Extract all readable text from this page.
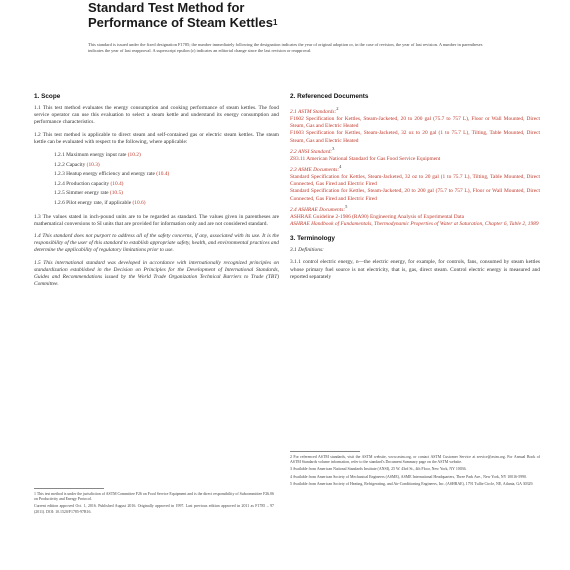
Standard Test Method for
Performance of Steam Kettles$^1$
This standard is issued under the fixed designation F1785; the number immediately following the designation indicates the year of original adoption or, in the case of revision, the year of last revision. A number in parentheses indicates the year of last reapproval. A superscript epsilon (ε) indicates an editorial change since the last revision or reapproval.
1. Scope

1.1 This test method evaluates the energy consumption and cooking performance of steam kettles. The food service operator can use this evaluation to select a steam kettle and understand its energy consumption and performance characteristics.

1.2 This test method is applicable to direct steam and self-contained gas or electric steam kettles. The steam kettle can be evaluated with respect to the following, where applicable:

1.2.1 Maximum energy input rate (10.2)
1.2.2 Capacity (10.3)
1.2.3 Heatup energy efficiency and energy rate (10.4)
1.2.4 Production capacity (10.4)
1.2.5 Simmer energy rate (10.5)
1.2.6 Pilot energy rate, if applicable (10.6)

1.3 The values stated in inch-pound units are to be regarded as standard. The values given in parentheses are mathematical conversions to SI units that are provided for information only and are not considered standard.

1.4 This standard does not purport to address all of the safety concerns, if any, associated with its use. It is the responsibility of the user of this standard to establish appropriate safety, health, and environmental practices and determine the applicability of regulatory limitations prior to use.

1.5 This international standard was developed in accordance with internationally recognized principles on standardization established in the Decision on Principles for the Development of International Standards, Guides and Recommendations issued by the World Trade Organization Technical Barriers to Trade (TBT) Committee.

2. Referenced Documents
2.1 ASTM Standards:$^2$
F1602 Specification for Kettles, Steam-Jacketed, 20 to 200 gal (75.7 to 757 L), Floor or Wall Mounted, Direct Steam, Gas and Electric Heated
F1603 Specification for Kettles, Steam-Jacketed, 32 oz to 20 gal (1 to 75.7 L), Tilting, Table Mounted, Direct Steam, Gas and Electric Heated
2.2 ANSI Standard:$^3$
Z83.11 American National Standard for Gas Food Service Equipment
2.3 ASME Documents:$^4$
Standard Specification for Kettles, Steam-Jacketed, 32 oz to 20 gal (1 to 75.7 L), Tilting, Table Mounted, Direct Connected, Gas Fired and Electric Fired
Standard Specification for Kettles, Steam-Jacketed, 20 to 200 gal (75.7 to 757 L), Floor or Wall Mounted, Direct Connected, Gas Fired and Electric Fired
2.4 ASHRAE Documents:$^5$
ASHRAE Guideline 2-1986 (RA90) Engineering Analysis of Experimental Data
ASHRAE Handbook of Fundamentals, Thermodynamic Properties of Water at Saturation, Chapter 6, Table 2, 1989
3. Terminology

3.1 Definitions:

3.1.1 control electric energy, n—the electric energy, for example, for controls, fans, consumed by steam kettles whose primary fuel source is not electricity, that is, gas, direct steam. Control electric energy is measured and reported separately

1 This test method is under the jurisdiction of ASTM Committee F26 on Food Service Equipment and is the direct responsibility of Subcommittee F26.06 on Productivity and Energy Protocol.

Current edition approved Oct. 1, 2016. Published August 2016. Originally approved in 1997. Last previous edition approved in 2011 as F1785 – 97 (2011). DOI: 10.1520/F1785-97R16.

2 For referenced ASTM standards, visit the ASTM website, www.astm.org, or contact ASTM Customer Service at service@astm.org. For Annual Book of ASTM Standards volume information, refer to the standard's Document Summary page on the ASTM website.

3 Available from American National Standards Institute (ANSI), 25 W. 43rd St., 4th Floor, New York, NY 10036.

4 Available from American Society of Mechanical Engineers (ASME), ASME International Headquarters, Three Park Ave., New York, NY 10016-5990.

5 Available from American Society of Heating, Refrigerating, and Air-Conditioning Engineers, Inc. (ASHRAE), 1791 Tullie Circle, NE, Atlanta, GA 30329.
